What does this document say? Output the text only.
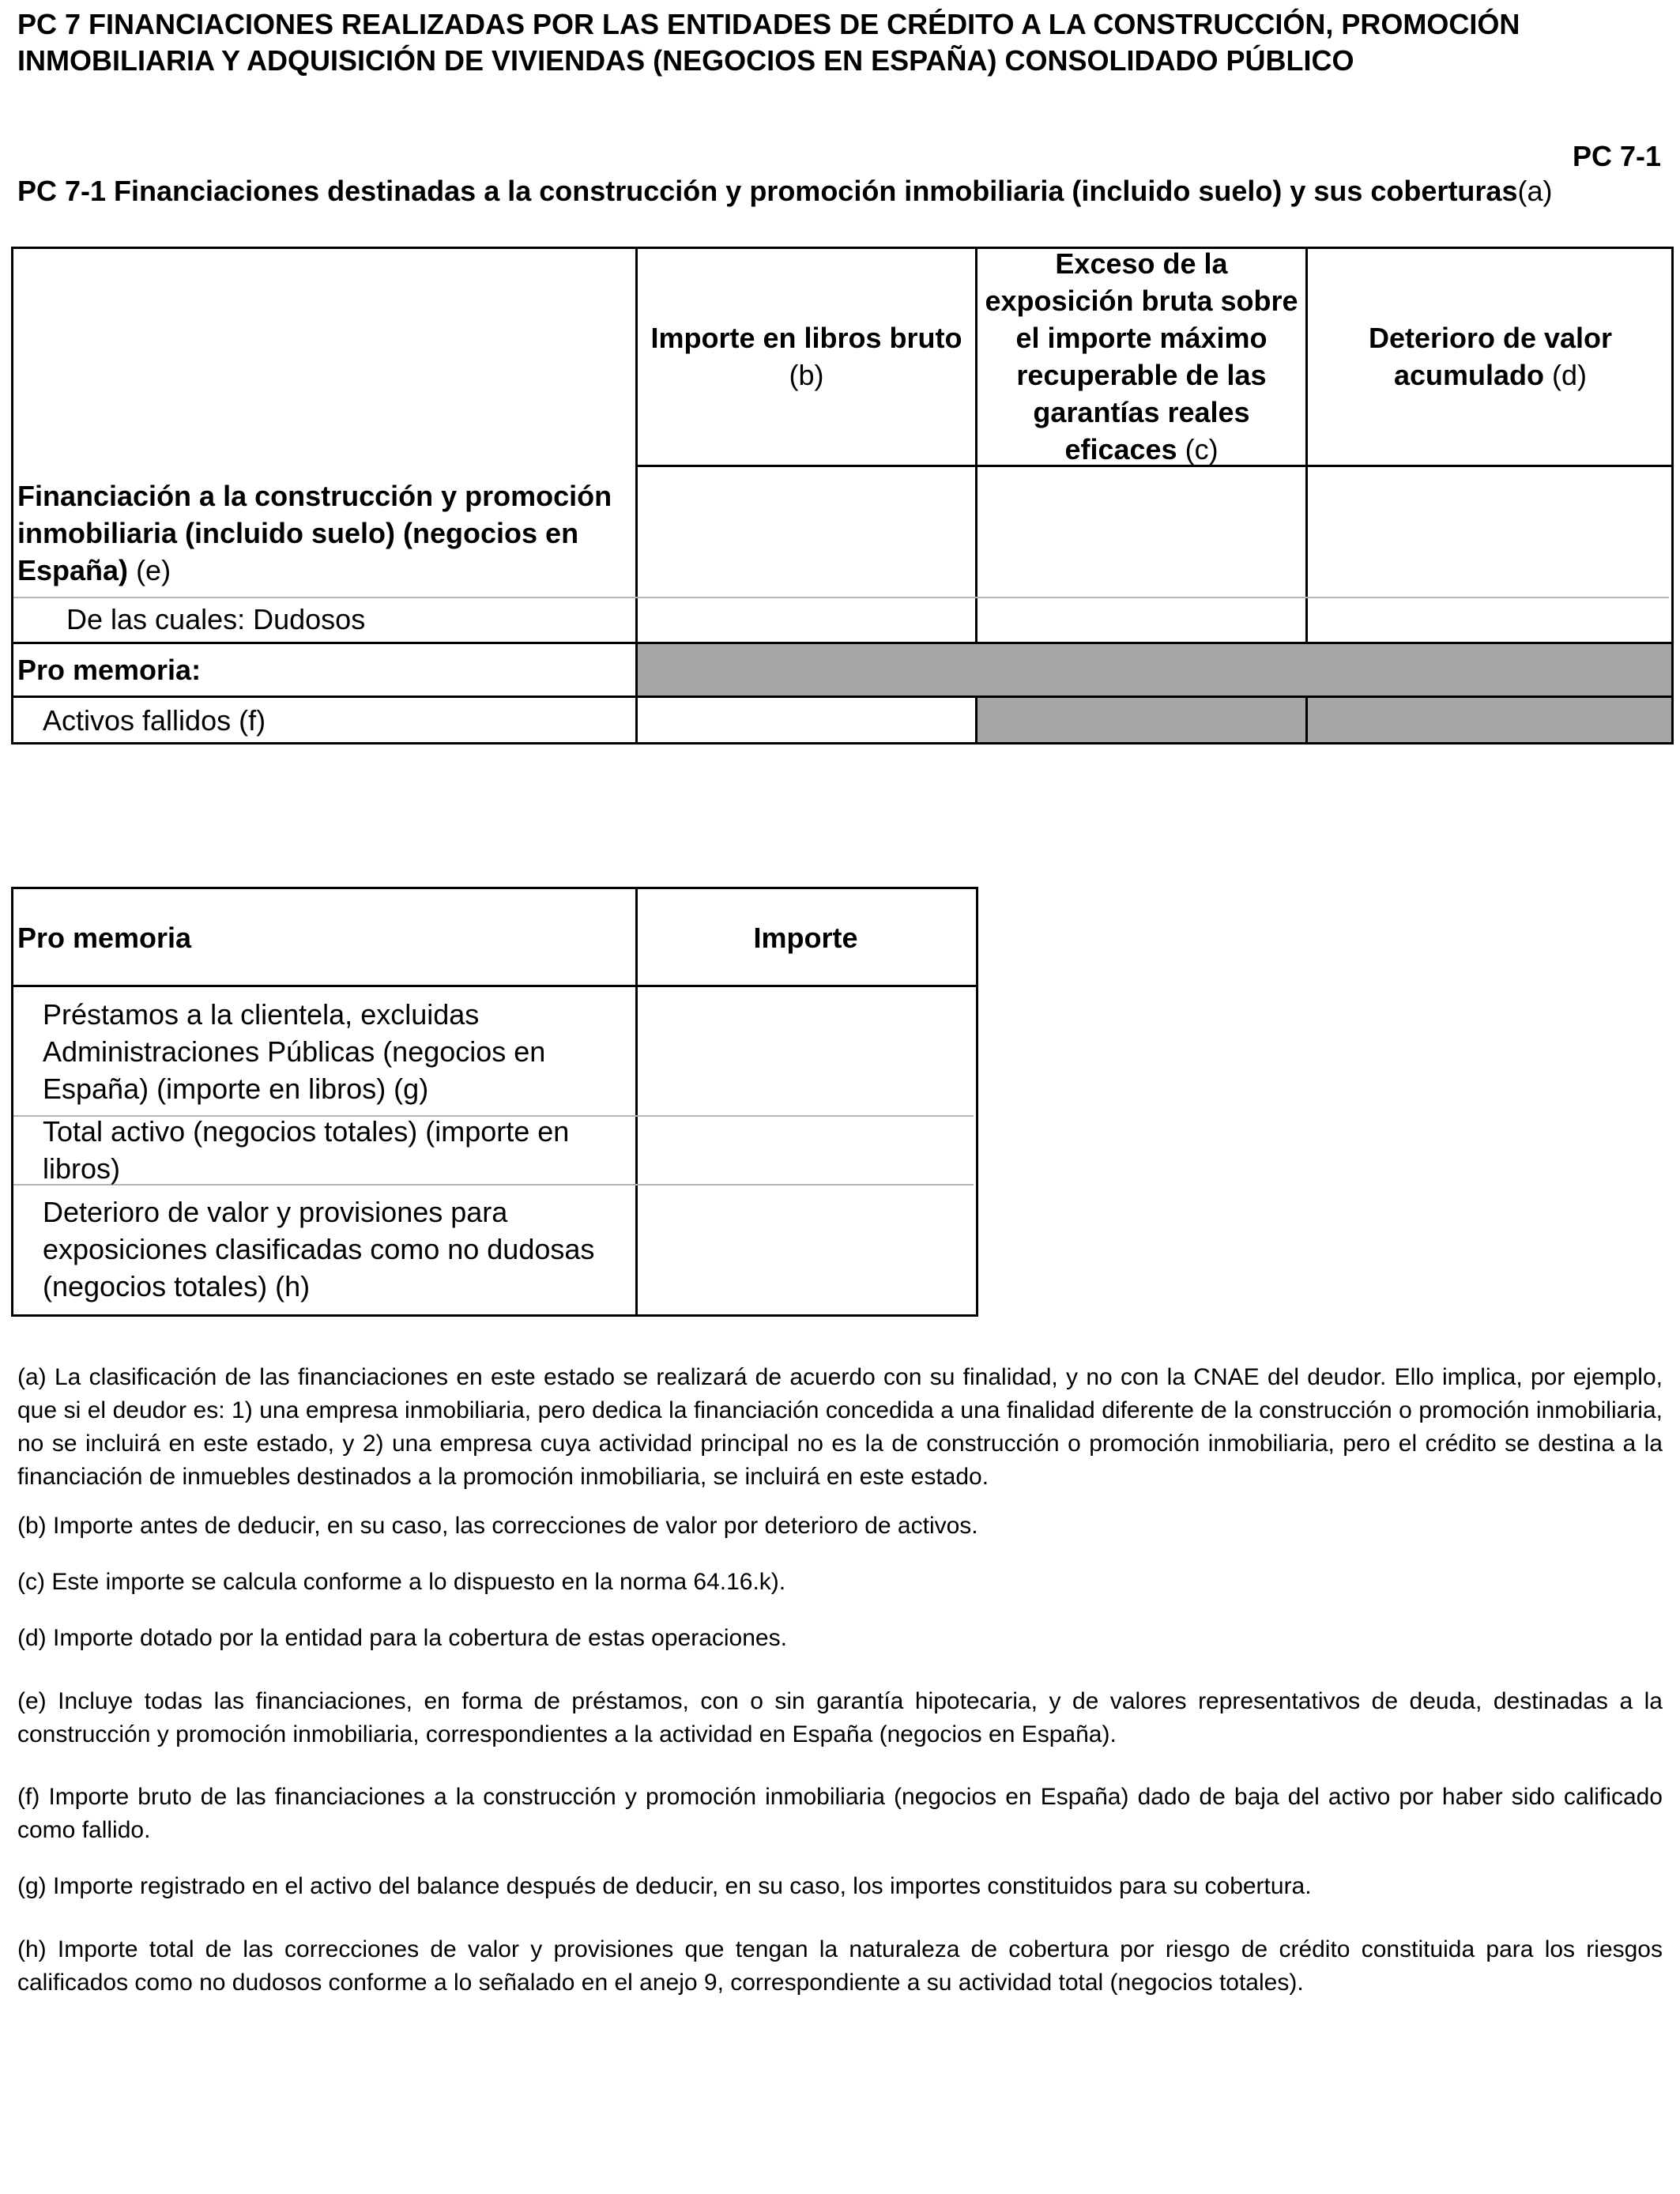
PC 7 FINANCIACIONES REALIZADAS POR LAS ENTIDADES DE CRÉDITO A LA CONSTRUCCIÓN, PROMOCIÓN INMOBILIARIA Y ADQUISICIÓN DE VIVIENDAS (NEGOCIOS EN ESPAÑA) CONSOLIDADO PÚBLICO
PC 7-1
PC 7-1 Financiaciones destinadas a la construcción y promoción inmobiliaria (incluido suelo) y sus coberturas(a)
Importe en libros bruto
(b)
Exceso de la exposición bruta sobre el importe máximo recuperable de las garantías reales eficaces (c)
Deterioro de valor acumulado (d)
Financiación a la construcción y promoción inmobiliaria (incluido suelo) (negocios en España) (e)
De las cuales: Dudosos
Pro memoria:
Activos fallidos (f)
Pro memoria	Importe
Préstamos a la clientela, excluidas Administraciones Públicas (negocios en España) (importe en libros) (g)
Total activo (negocios totales) (importe en libros)
Deterioro de valor y provisiones para exposiciones clasificadas como no dudosas (negocios totales) (h)

(a) La clasificación de las financiaciones en este estado se realizará de acuerdo con su finalidad, y no con la CNAE del deudor. Ello implica, por ejemplo, que si el deudor es: 1) una empresa inmobiliaria, pero dedica la financiación concedida a una finalidad diferente de la construcción o promoción inmobiliaria, no se incluirá en este estado, y 2) una empresa cuya actividad principal no es la de construcción o promoción inmobiliaria, pero el crédito se destina a la financiación de inmuebles destinados a la promoción inmobiliaria, se incluirá en este estado.

(b) Importe antes de deducir, en su caso, las correcciones de valor por deterioro de activos.

(c) Este importe se calcula conforme a lo dispuesto en la norma 64.16.k).

(d) Importe dotado por la entidad para la cobertura de estas operaciones.

(e) Incluye todas las financiaciones, en forma de préstamos, con o sin garantía hipotecaria, y de valores representativos de deuda, destinadas a la construcción y promoción inmobiliaria, correspondientes a la actividad en España (negocios en España).

(f) Importe bruto de las financiaciones a la construcción y promoción inmobiliaria (negocios en España) dado de baja del activo por haber sido calificado como fallido.

(g) Importe registrado en el activo del balance después de deducir, en su caso, los importes constituidos para su cobertura.

(h) Importe total de las correcciones de valor y provisiones que tengan la naturaleza de cobertura por riesgo de crédito constituida para los riesgos calificados como no dudosos conforme a lo señalado en el anejo 9, correspondiente a su actividad total (negocios totales).
